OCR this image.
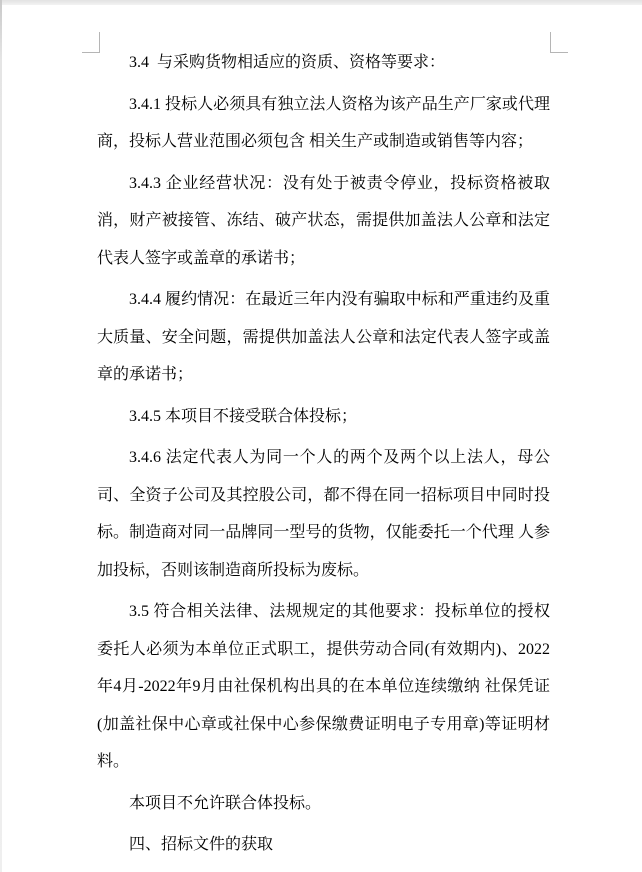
3.4  与采购货物相适应的资质、资格等要求：

3.4.1 投标人必须具有独立法人资格为该产品生产厂家或代理商，投标人营业范围必须包含 相关生产或制造或销售等内容；

3.4.3 企业经营状况：没有处于被责令停业，投标资格被取消，财产被接管、冻结、破产状态，需提供加盖法人公章和法定代表人签字或盖章的承诺书；

3.4.4 履约情况：在最近三年内没有骗取中标和严重违约及重大质量、安全问题，需提供加盖法人公章和法定代表人签字或盖章的承诺书；

3.4.5 本项目不接受联合体投标；

3.4.6 法定代表人为同一个人的两个及两个以上法人，母公司、全资子公司及其控股公司，都不得在同一招标项目中同时投标。制造商对同一品牌同一型号的货物，仅能委托一个代理 人参加投标，否则该制造商所投标为废标。

3.5 符合相关法律、法规规定的其他要求：投标单位的授权委托人必须为本单位正式职工，提供劳动合同(有效期内)、2022年4月-2022年9月由社保机构出具的在本单位连续缴纳 社保凭证(加盖社保中心章或社保中心参保缴费证明电子专用章)等证明材料。

本项目不允许联合体投标。

四、招标文件的获取
